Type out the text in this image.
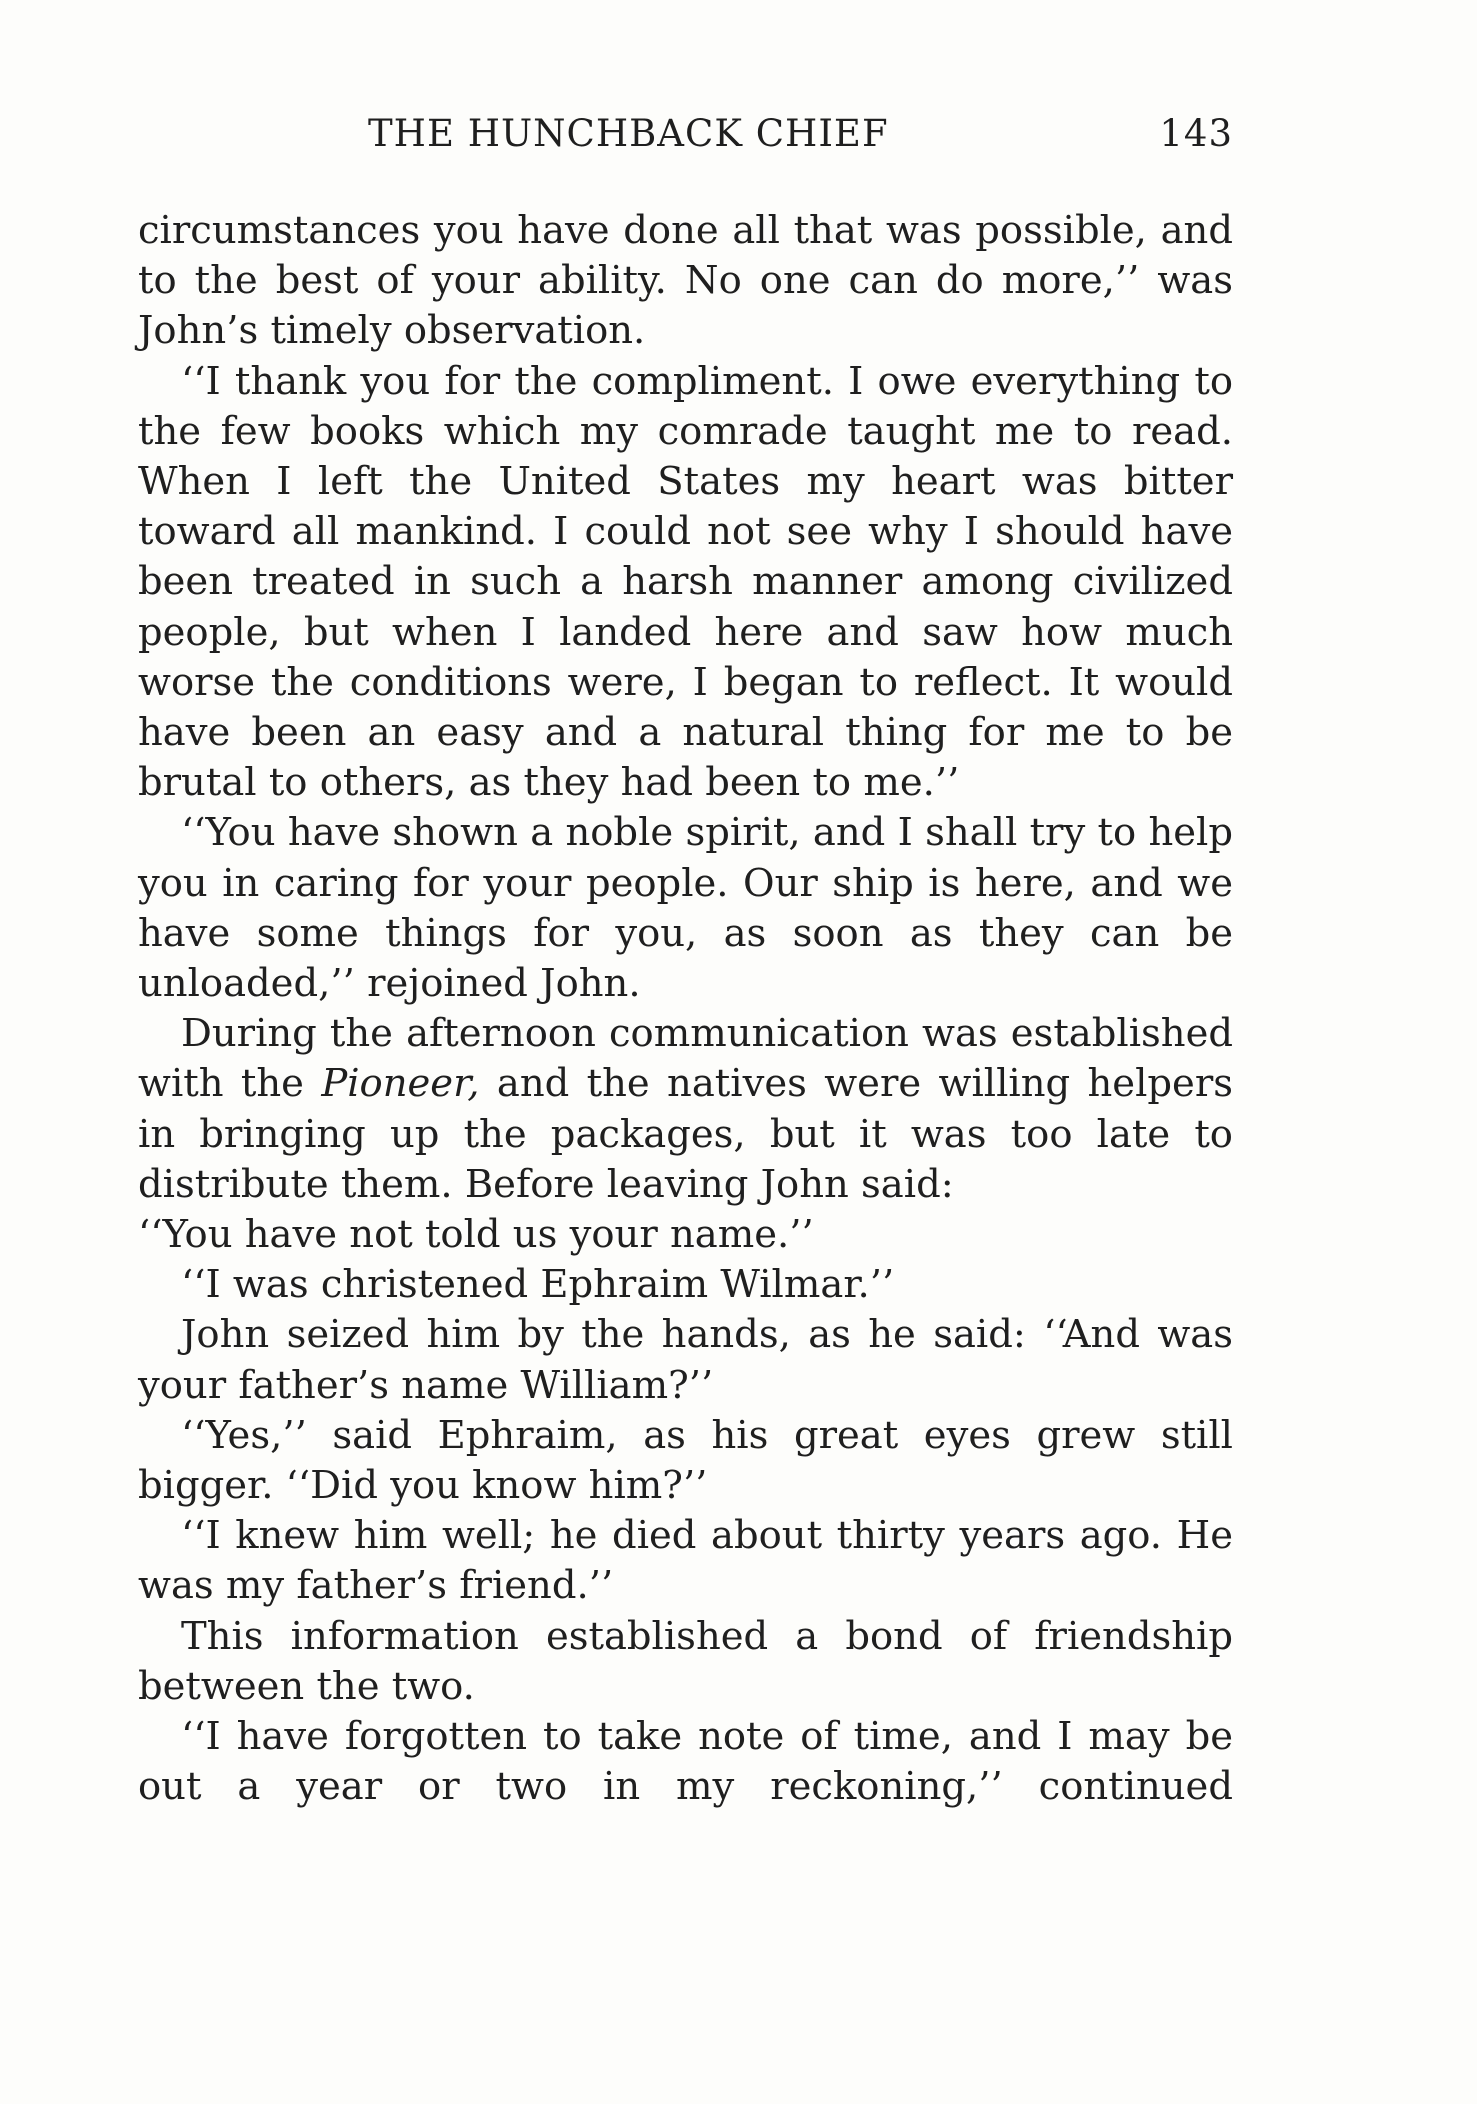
THE HUNCHBACK CHIEF	143

circumstances you have done all that was possible, and to the best of your ability. No one can do more,’’ was John’s timely observation.

‘‘I thank you for the compliment. I owe everything to the few books which my comrade taught me to read. When I left the United States my heart was bitter toward all mankind. I could not see why I should have been treated in such a harsh manner among civilized people, but when I landed here and saw how much worse the conditions were, I began to reflect. It would have been an easy and a natural thing for me to be brutal to others, as they had been to me.’’

‘‘You have shown a noble spirit, and I shall try to help you in caring for your people. Our ship is here, and we have some things for you, as soon as they can be unloaded,’’ rejoined John.

During the afternoon communication was established with the Pioneer, and the natives were willing helpers in bringing up the packages, but it was too late to distribute them. Before leaving John said:

‘‘You have not told us your name.’’

‘‘I was christened Ephraim Wilmar.’’

John seized him by the hands, as he said: ‘‘And was your father’s name William?’’

‘‘Yes,’’ said Ephraim, as his great eyes grew still bigger. ‘‘Did you know him?’’

‘‘I knew him well; he died about thirty years ago. He was my father’s friend.’’

This information established a bond of friendship between the two.

‘‘I have forgotten to take note of time, and I may be out a year or two in my reckoning,’’ continued
